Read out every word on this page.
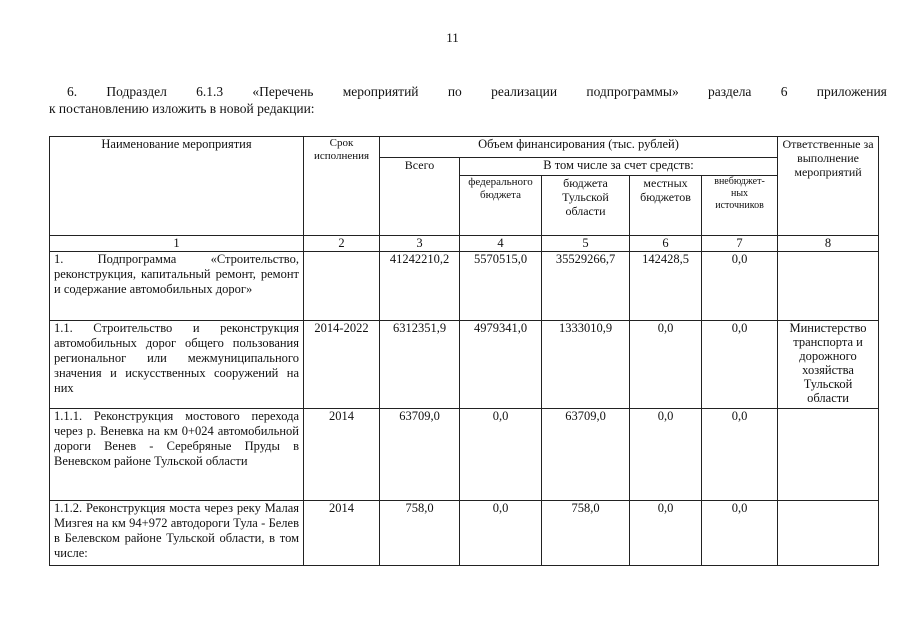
11
6. Подраздел 6.1.3 «Перечень мероприятий по реализации подпрограммы» раздела 6 приложения
к постановлению изложить в новой редакции:
Наименование мероприятия	Срок исполнения	Объем финансирования (тыс. рублей)					Ответственные за выполнение мероприятий
		Всего	В том числе за счет средств:				
			федерального бюджета	бюджета Тульской области	местных бюджетов	внебюджет-ных источников	
1	2	3	4	5	6	7	8
1. Подпрограмма «Строительство, реконструкция, капитальный ремонт, ремонт и содержание автомобильных дорог»		41242210,2	5570515,0	35529266,7	142428,5	0,0	
1.1. Строительство и реконструкция автомобильных дорог общего пользования региональног или межмуниципального значения и искусственных сооружений на них	2014-2022	6312351,9	4979341,0	1333010,9	0,0	0,0	Министерство транспорта и дорожного хозяйства Тульской области
1.1.1. Реконструкция мостового перехода через р. Веневка на км 0+024 автомобильной дороги Венев - Серебряные Пруды в Веневском районе Тульской области	2014	63709,0	0,0	63709,0	0,0	0,0	
1.1.2. Реконструкция моста через реку Малая Мизгея на км 94+972 автодороги Тула - Белев в Белевском районе Тульской области, в том числе:	2014	758,0	0,0	758,0	0,0	0,0	
